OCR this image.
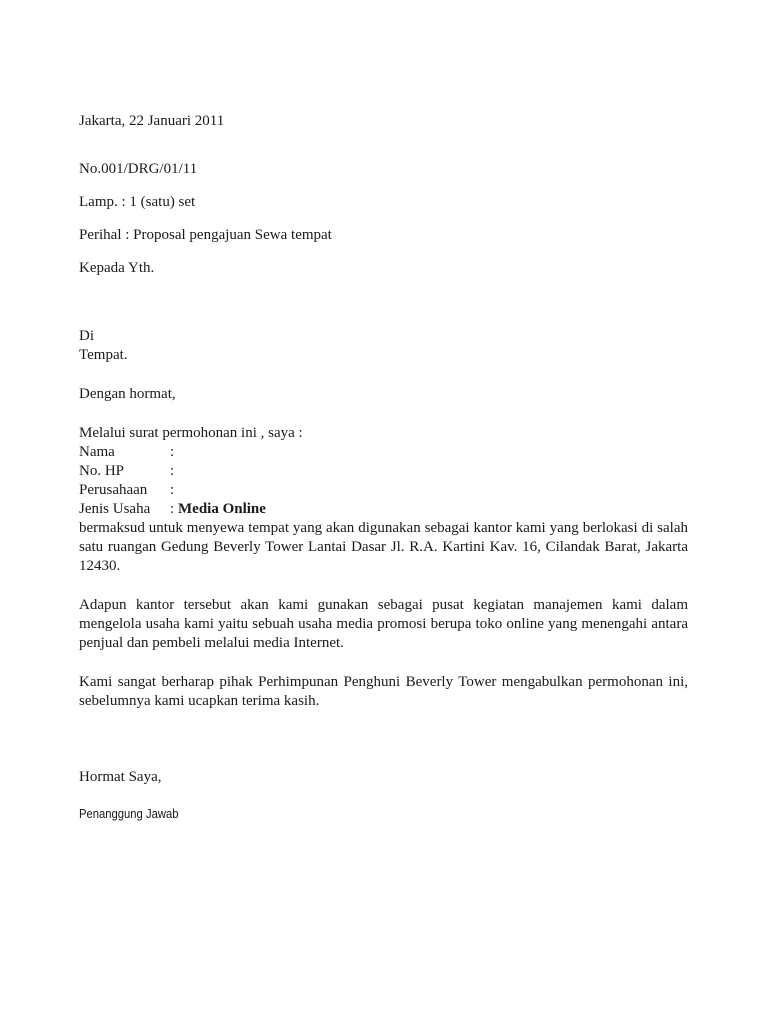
Jakarta, 22 Januari 2011
No.001/DRG/01/11
Lamp. : 1 (satu) set
Perihal : Proposal pengajuan Sewa tempat
Kepada Yth.
Di
Tempat.
Dengan hormat,
Melalui surat permohonan ini , saya :
Nama	:
No. HP	:
Perusahaan :
Jenis Usaha : Media Online
bermaksud untuk menyewa tempat yang akan digunakan sebagai kantor kami yang berlokasi di salah satu ruangan Gedung Beverly Tower Lantai Dasar Jl. R.A. Kartini Kav. 16, Cilandak Barat, Jakarta 12430.
Adapun kantor tersebut akan kami gunakan sebagai pusat kegiatan manajemen kami dalam mengelola usaha kami yaitu sebuah usaha media promosi berupa toko online yang menengahi antara penjual dan pembeli melalui media Internet.
Kami sangat berharap pihak Perhimpunan Penghuni Beverly Tower mengabulkan permohonan ini, sebelumnya kami ucapkan terima kasih.
Hormat Saya,
Penanggung Jawab
